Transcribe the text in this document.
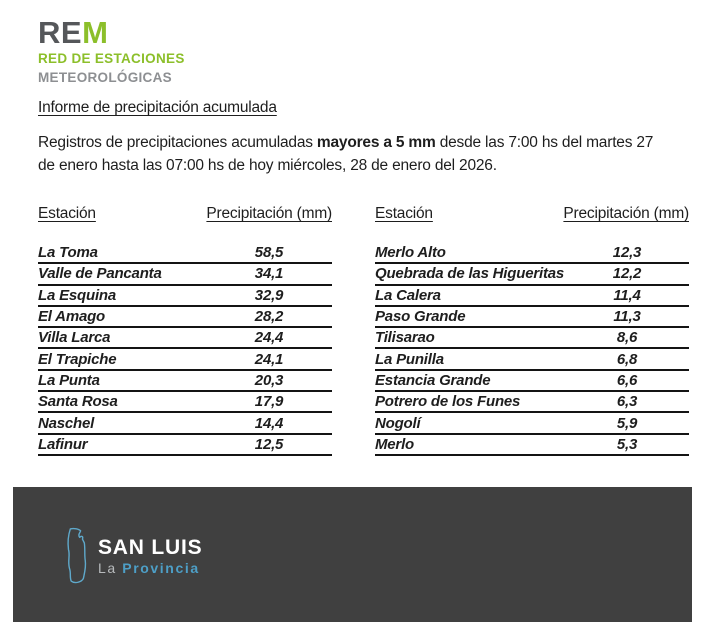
REM
RED DE ESTACIONES
METEOROLÓGICAS
Informe de precipitación acumulada

Registros de precipitaciones acumuladas mayores a 5 mm desde las 7:00 hs del martes 27
de enero hasta las 07:00 hs de hoy miércoles, 28 de enero del 2026.

Estación	Precipitación (mm)
La Toma	58,5
Valle de Pancanta	34,1
La Esquina	32,9
El Amago	28,2
Villa Larca	24,4
El Trapiche	24,1
La Punta	20,3
Santa Rosa	17,9
Naschel	14,4
Lafinur	12,5
Estación	Precipitación (mm)
Merlo Alto	12,3
Quebrada de las Higueritas	12,2
La Calera	11,4
Paso Grande	11,3
Tilisarao	8,6
La Punilla	6,8
Estancia Grande	6,6
Potrero de los Funes	6,3
Nogolí	5,9
Merlo	5,3
SAN LUIS
La Provincia
